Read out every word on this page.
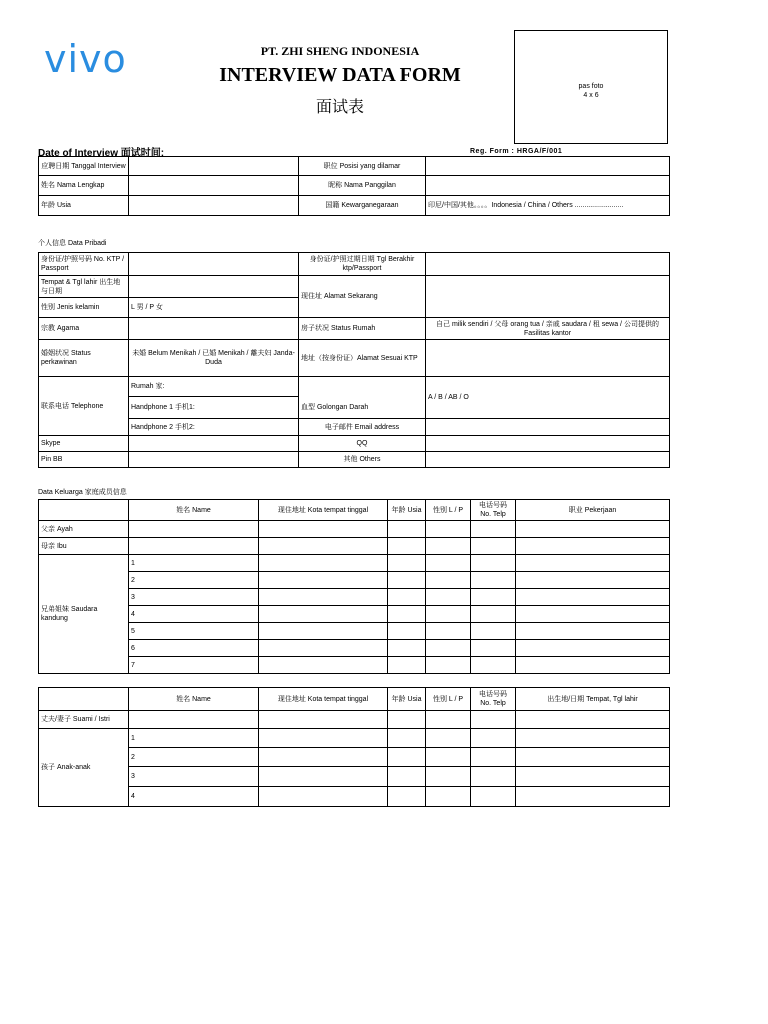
vivo	PT. ZHI SHENG INDONESIA
INTERVIEW DATA FORM
面试表
pas foto
4 x 6
Date of Interview 面试时间:	Reg. Form : HRGA/F/001
应聘日期 Tanggal Interview		职位 Posisi yang dilamar	
姓名 Nama Lengkap		昵称 Nama Panggilan	
年龄 Usia		国籍 Kewarganegaraan	印尼/中国/其他。。。。Indonesia / China / Others .........................
个人信息 Data Pribadi
身份证/护照号码 No. KTP / Passport		身份证/护照过期日期 Tgl Berakhir ktp/Passport	
Tempat & Tgl lahir 出生地与日期		现住址 Alamat Sekarang	
性别 Jenis kelamin	L 男 / P 女		
宗教 Agama		房子状况 Status Rumah	自己 milik sendiri / 父母 orang tua / 亲戚 saudara / 租 sewa / 公司提供的 Fasilitas kantor
婚姻状况 Status perkawinan	未婚 Belum Menikah / 已婚 Menikah / 離夫妇 Janda-Duda	地址（按身份证）Alamat Sesuai KTP	
联系电话 Telephone	Rumah 家:		A / B / AB / O
	Handphone 1 手机1:	血型 Golongan Darah	
	Handphone 2 手机2:	电子邮件 Email address	
Skype		QQ	
Pin BB		其他 Others	
Data Keluarga 家庭成员信息
	姓名 Name	现住地址 Kota tempat tinggal	年龄 Usia	性别 L / P	电话号码 No. Telp	职业 Pekerjaan
父亲 Ayah						
母亲 Ibu						
兄弟姐妹 Saudara kandung	1					
	2					
	3					
	4					
	5					
	6					
	7					
	姓名 Name	现住地址 Kota tempat tinggal	年龄 Usia	性别 L / P	电话号码 No. Telp	出生地/日期 Tempat, Tgl lahir
丈夫/妻子 Suami / Istri						
孩子 Anak-anak	1					
	2					
	3					
	4					
